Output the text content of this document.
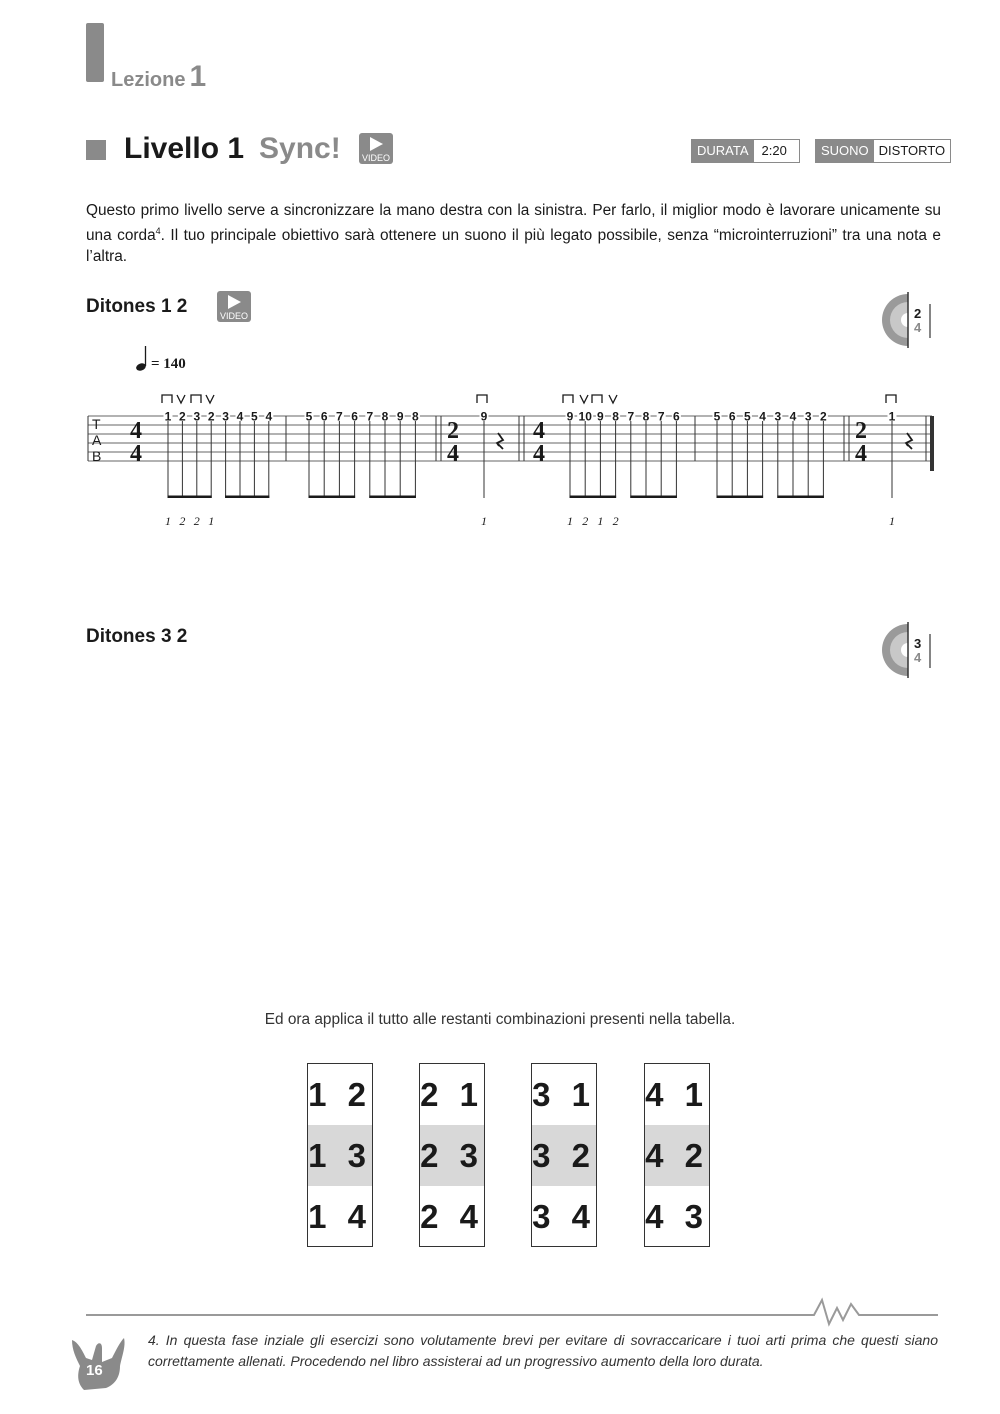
Lezione 1
Livello 1 Sync!	VIDEO	DURATA	2:20	SUONO DISTORTO
Questo primo livello serve a sincronizzare la mano destra con la sinistra. Per farlo, il miglior modo è lavorare unicamente su una corda$^4$. Il tuo principale obiettivo sarà ottenere un suono il più legato possibile, senza “microinterruzioni” tra una nota e l’altra.
Ditones 1 2	VIDEO	2
4
= 140
T
A
B
4
4
2
4
4
4
2
4
1 2 3 2 3 4 5 4	5 6 7 6 7 8 9 8	9	9 10 9 8 7 8 7 6	5 6 5 4 3 4 3 2	1
1 2 2 1	1	1 2 1 2	1
Ditones 3 2	3
4
Ed ora applica il tutto alle restanti combinazioni presenti nella tabella.
1 2
1 3
1 4
2 1
2 3
2 4
3 1
3 2
3 4
4 1
4 2
4 3
16
4. In questa fase inziale gli esercizi sono volutamente brevi per evitare di sovraccaricare i tuoi arti prima che questi siano correttamente allenati. Procedendo nel libro assisterai ad un progressivo aumento della loro durata.
